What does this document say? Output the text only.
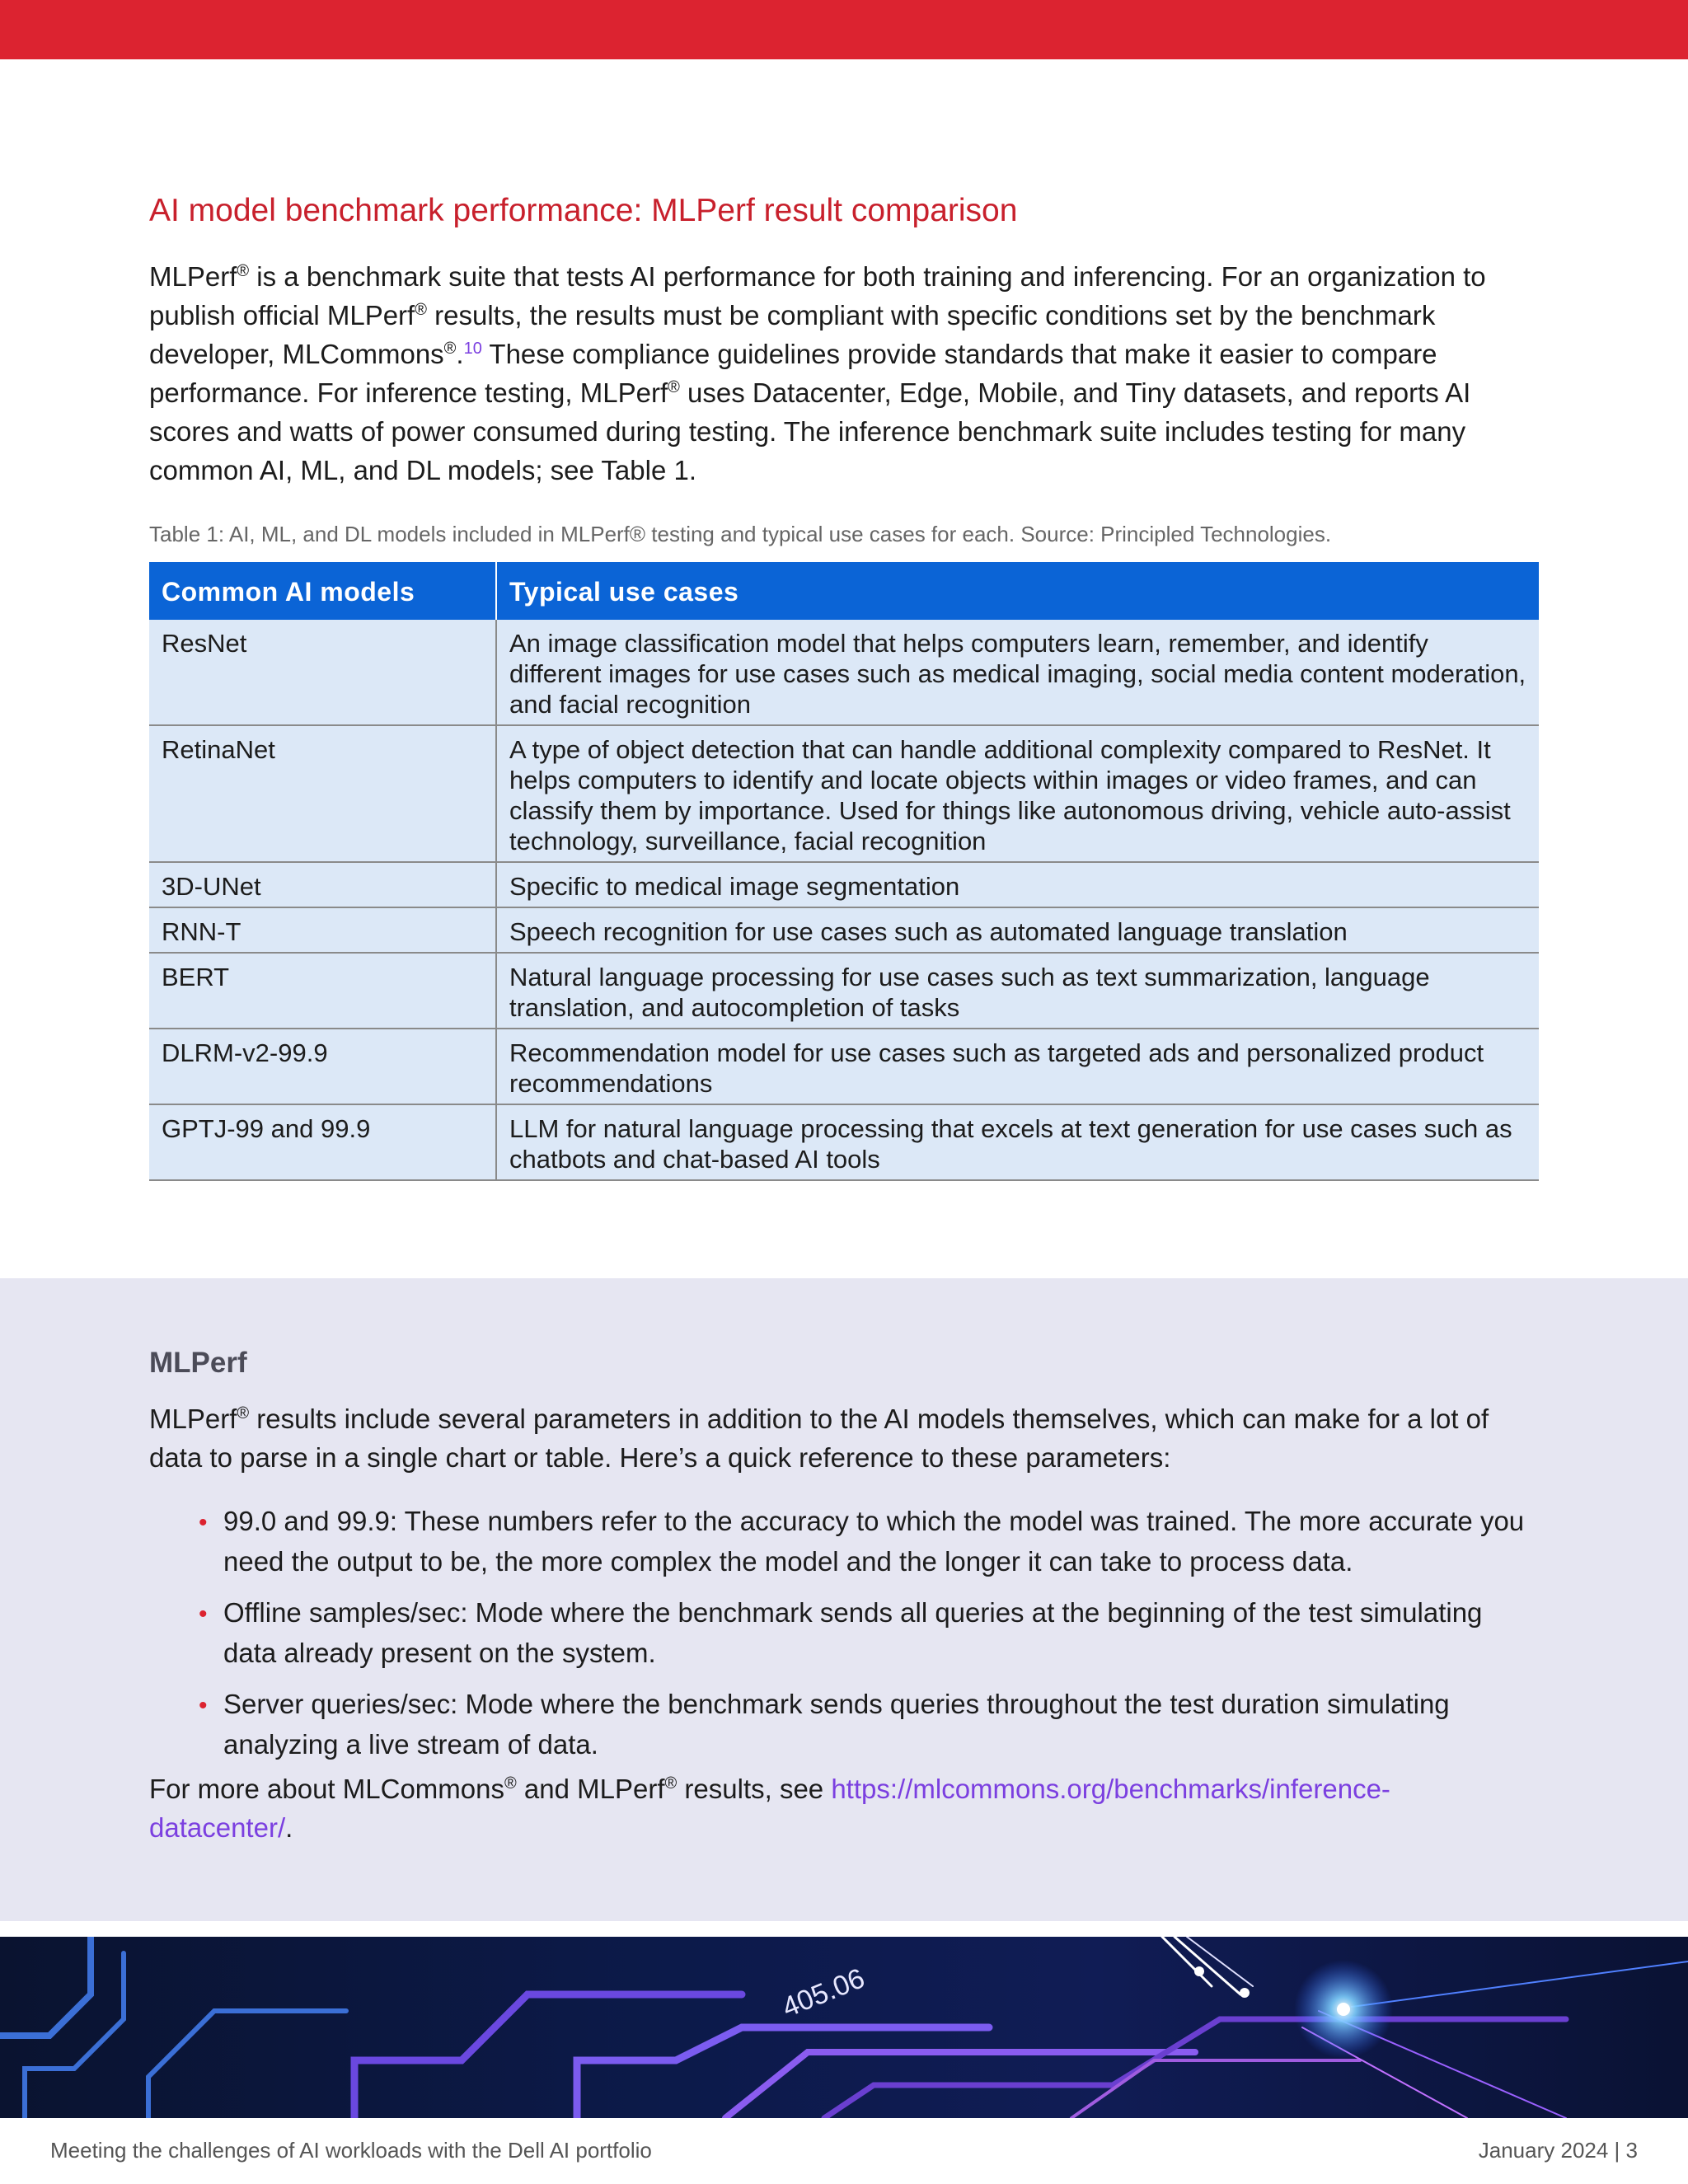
AI model benchmark performance: MLPerf result comparison

MLPerf® is a benchmark suite that tests AI performance for both training and inferencing. For an organization to publish official MLPerf® results, the results must be compliant with specific conditions set by the benchmark developer, MLCommons®.$^{10}$ These compliance guidelines provide standards that make it easier to compare performance. For inference testing, MLPerf® uses Datacenter, Edge, Mobile, and Tiny datasets, and reports AI scores and watts of power consumed during testing. The inference benchmark suite includes testing for many common AI, ML, and DL models; see Table 1.

Table 1: AI, ML, and DL models included in MLPerf® testing and typical use cases for each. Source: Principled Technologies.
Common AI models	Typical use cases
ResNet	An image classification model that helps computers learn, remember, and identify different images for use cases such as medical imaging, social media content moderation, and facial recognition
RetinaNet	A type of object detection that can handle additional complexity compared to ResNet. It helps computers to identify and locate objects within images or video frames, and can classify them by importance. Used for things like autonomous driving, vehicle auto-assist technology, surveillance, facial recognition
3D-UNet	Specific to medical image segmentation
RNN-T	Speech recognition for use cases such as automated language translation
BERT	Natural language processing for use cases such as text summarization, language translation, and autocompletion of tasks
DLRM-v2-99.9	Recommendation model for use cases such as targeted ads and personalized product recommendations
GPTJ-99 and 99.9	LLM for natural language processing that excels at text generation for use cases such as chatbots and chat-based AI tools
MLPerf

MLPerf® results include several parameters in addition to the AI models themselves, which can make for a lot of data to parse in a single chart or table. Here’s a quick reference to these parameters:

• 99.0 and 99.9: These numbers refer to the accuracy to which the model was trained. The more accurate you need the output to be, the more complex the model and the longer it can take to process data.
• Offline samples/sec: Mode where the benchmark sends all queries at the beginning of the test simulating data already present on the system.
• Server queries/sec: Mode where the benchmark sends queries throughout the test duration simulating analyzing a live stream of data.

For more about MLCommons® and MLPerf® results, see https://mlcommons.org/benchmarks/inference-datacenter/.

405.06
Meeting the challenges of AI workloads with the Dell AI portfolio	January 2024 | 3
